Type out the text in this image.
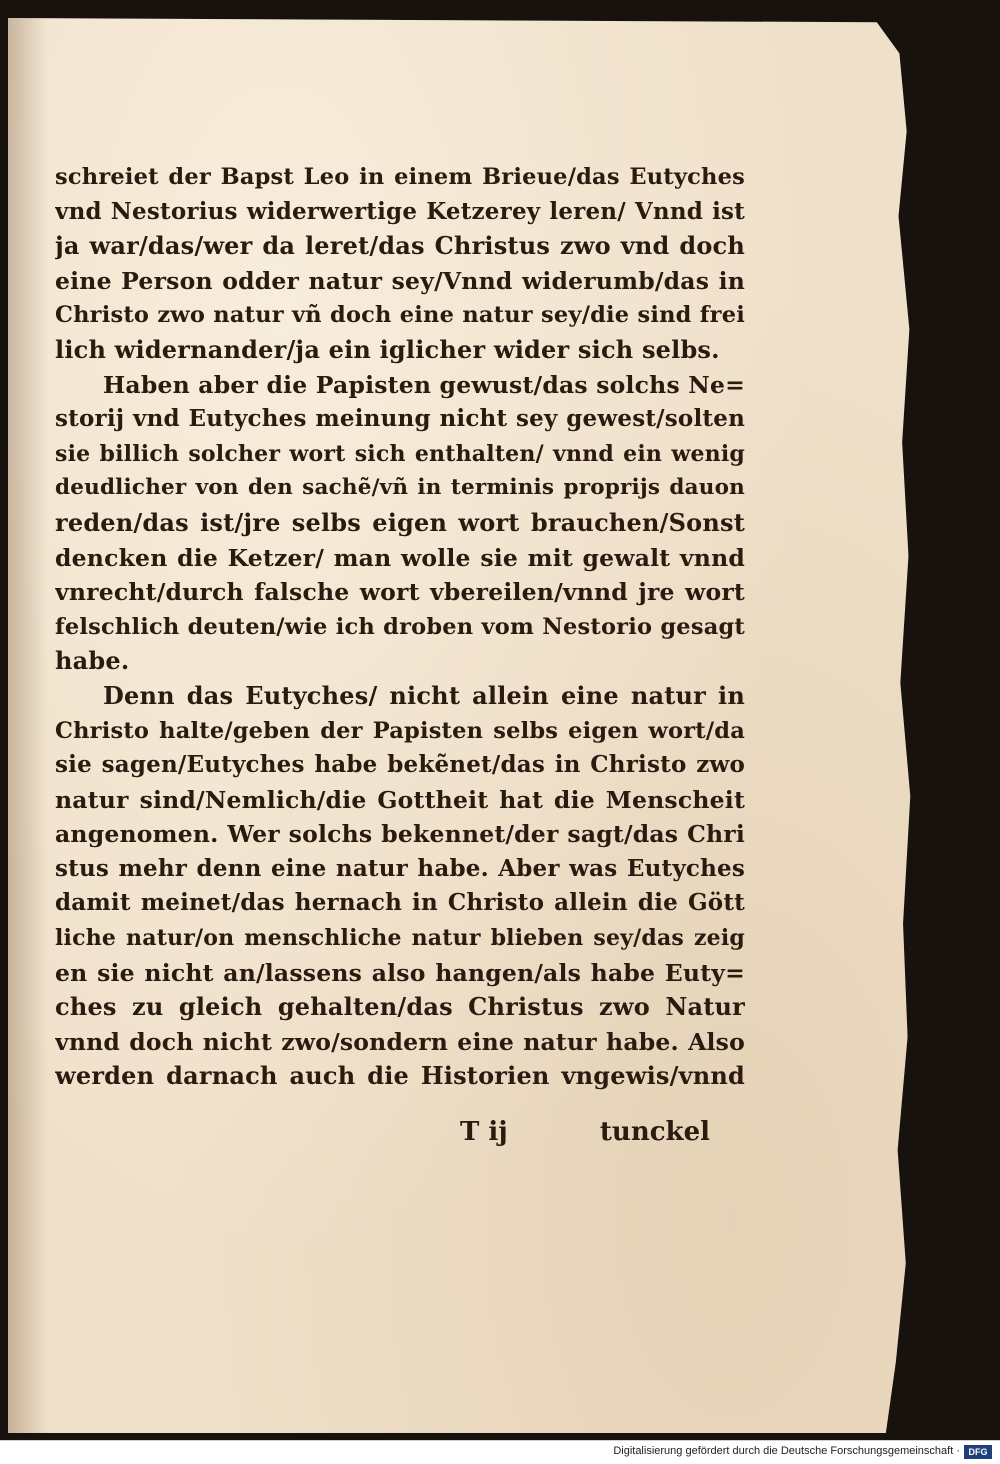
schreiet der Bapst Leo in einem Brieue/das Eutyches
vnd Nestorius widerwertige Ketzerey leren/ Vnnd ist
ja war/das/wer da leret/das Christus zwo vnd doch
eine Person odder natur sey/Vnnd widerumb/das in
Christo zwo natur vñ doch eine natur sey/die sind frei
lich widernander/ja ein iglicher wider sich selbs.
Haben aber die Papisten gewust/das solchs Ne=
storij vnd Eutyches meinung nicht sey gewest/solten
sie billich solcher wort sich enthalten/ vnnd ein wenig
deudlicher von den sachẽ/vñ in terminis proprijs dauon
reden/das ist/jre selbs eigen wort brauchen/Sonst
dencken die Ketzer/ man wolle sie mit gewalt vnnd
vnrecht/durch falsche wort vbereilen/vnnd jre wort
felschlich deuten/wie ich droben vom Nestorio gesagt
habe.
Denn das Eutyches/ nicht allein eine natur in
Christo halte/geben der Papisten selbs eigen wort/da
sie sagen/Eutyches habe bekẽnet/das in Christo zwo
natur sind/Nemlich/die Gottheit hat die Menscheit
angenomen. Wer solchs bekennet/der sagt/das Chri
stus mehr denn eine natur habe. Aber was Eutyches
damit meinet/das hernach in Christo allein die Gött
liche natur/on menschliche natur blieben sey/das zeig
en sie nicht an/lassens also hangen/als habe Euty=
ches zu gleich gehalten/das Christus zwo Natur
vnnd doch nicht zwo/sondern eine natur habe. Also
werden darnach auch die Historien vngewis/vnnd
T ij	tunckel
Digitalisierung gefördert durch die Deutsche Forschungsgemeinschaft · DFG
